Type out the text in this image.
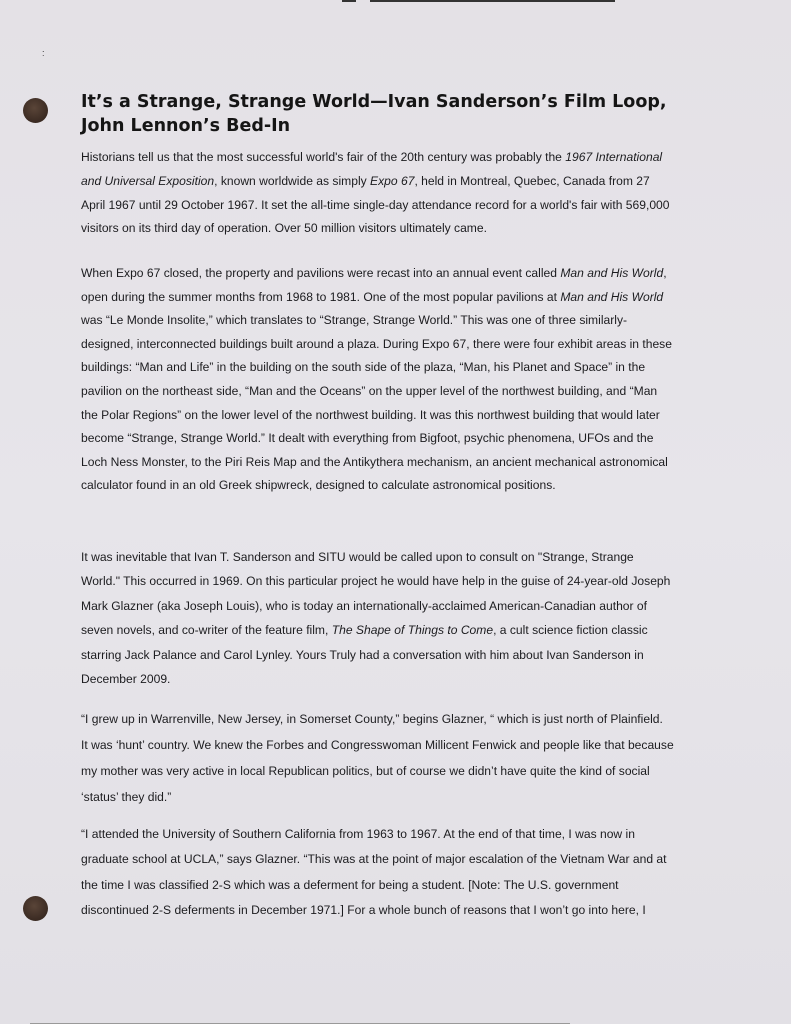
:
It’s a Strange, Strange World—Ivan Sanderson’s Film Loop,
John Lennon’s Bed-In
Historians tell us that the most successful world's fair of the 20th century was probably the 1967 International
and Universal Exposition, known worldwide as simply Expo 67, held in Montreal, Quebec, Canada from 27
April 1967 until 29 October 1967. It set the all-time single-day attendance record for a world's fair with 569,000
visitors on its third day of operation. Over 50 million visitors ultimately came.
When Expo 67 closed, the property and pavilions were recast into an annual event called Man and His World,
open during the summer months from 1968 to 1981. One of the most popular pavilions at Man and His World
was “Le Monde Insolite,” which translates to “Strange, Strange World.” This was one of three similarly-
designed, interconnected buildings built around a plaza. During Expo 67, there were four exhibit areas in these
buildings: “Man and Life” in the building on the south side of the plaza, “Man, his Planet and Space” in the
pavilion on the northeast side, “Man and the Oceans” on the upper level of the northwest building, and “Man
the Polar Regions” on the lower level of the northwest building. It was this northwest building that would later
become “Strange, Strange World.” It dealt with everything from Bigfoot, psychic phenomena, UFOs and the
Loch Ness Monster, to the Piri Reis Map and the Antikythera mechanism, an ancient mechanical astronomical
calculator found in an old Greek shipwreck, designed to calculate astronomical positions.
It was inevitable that Ivan T. Sanderson and SITU would be called upon to consult on "Strange, Strange
World." This occurred in 1969. On this particular project he would have help in the guise of 24-year-old Joseph
Mark Glazner (aka Joseph Louis), who is today an internationally-acclaimed American-Canadian author of
seven novels, and co-writer of the feature film, The Shape of Things to Come, a cult science fiction classic
starring Jack Palance and Carol Lynley. Yours Truly had a conversation with him about Ivan Sanderson in
December 2009.
“I grew up in Warrenville, New Jersey, in Somerset County,” begins Glazner, “ which is just north of Plainfield.
It was ‘hunt’ country. We knew the Forbes and Congresswoman Millicent Fenwick and people like that because
my mother was very active in local Republican politics, but of course we didn’t have quite the kind of social
‘status’ they did.”
“I attended the University of Southern California from 1963 to 1967. At the end of that time, I was now in
graduate school at UCLA,” says Glazner. “This was at the point of major escalation of the Vietnam War and at
the time I was classified 2-S which was a deferment for being a student. [Note: The U.S. government
discontinued 2-S deferments in December 1971.] For a whole bunch of reasons that I won’t go into here, I
